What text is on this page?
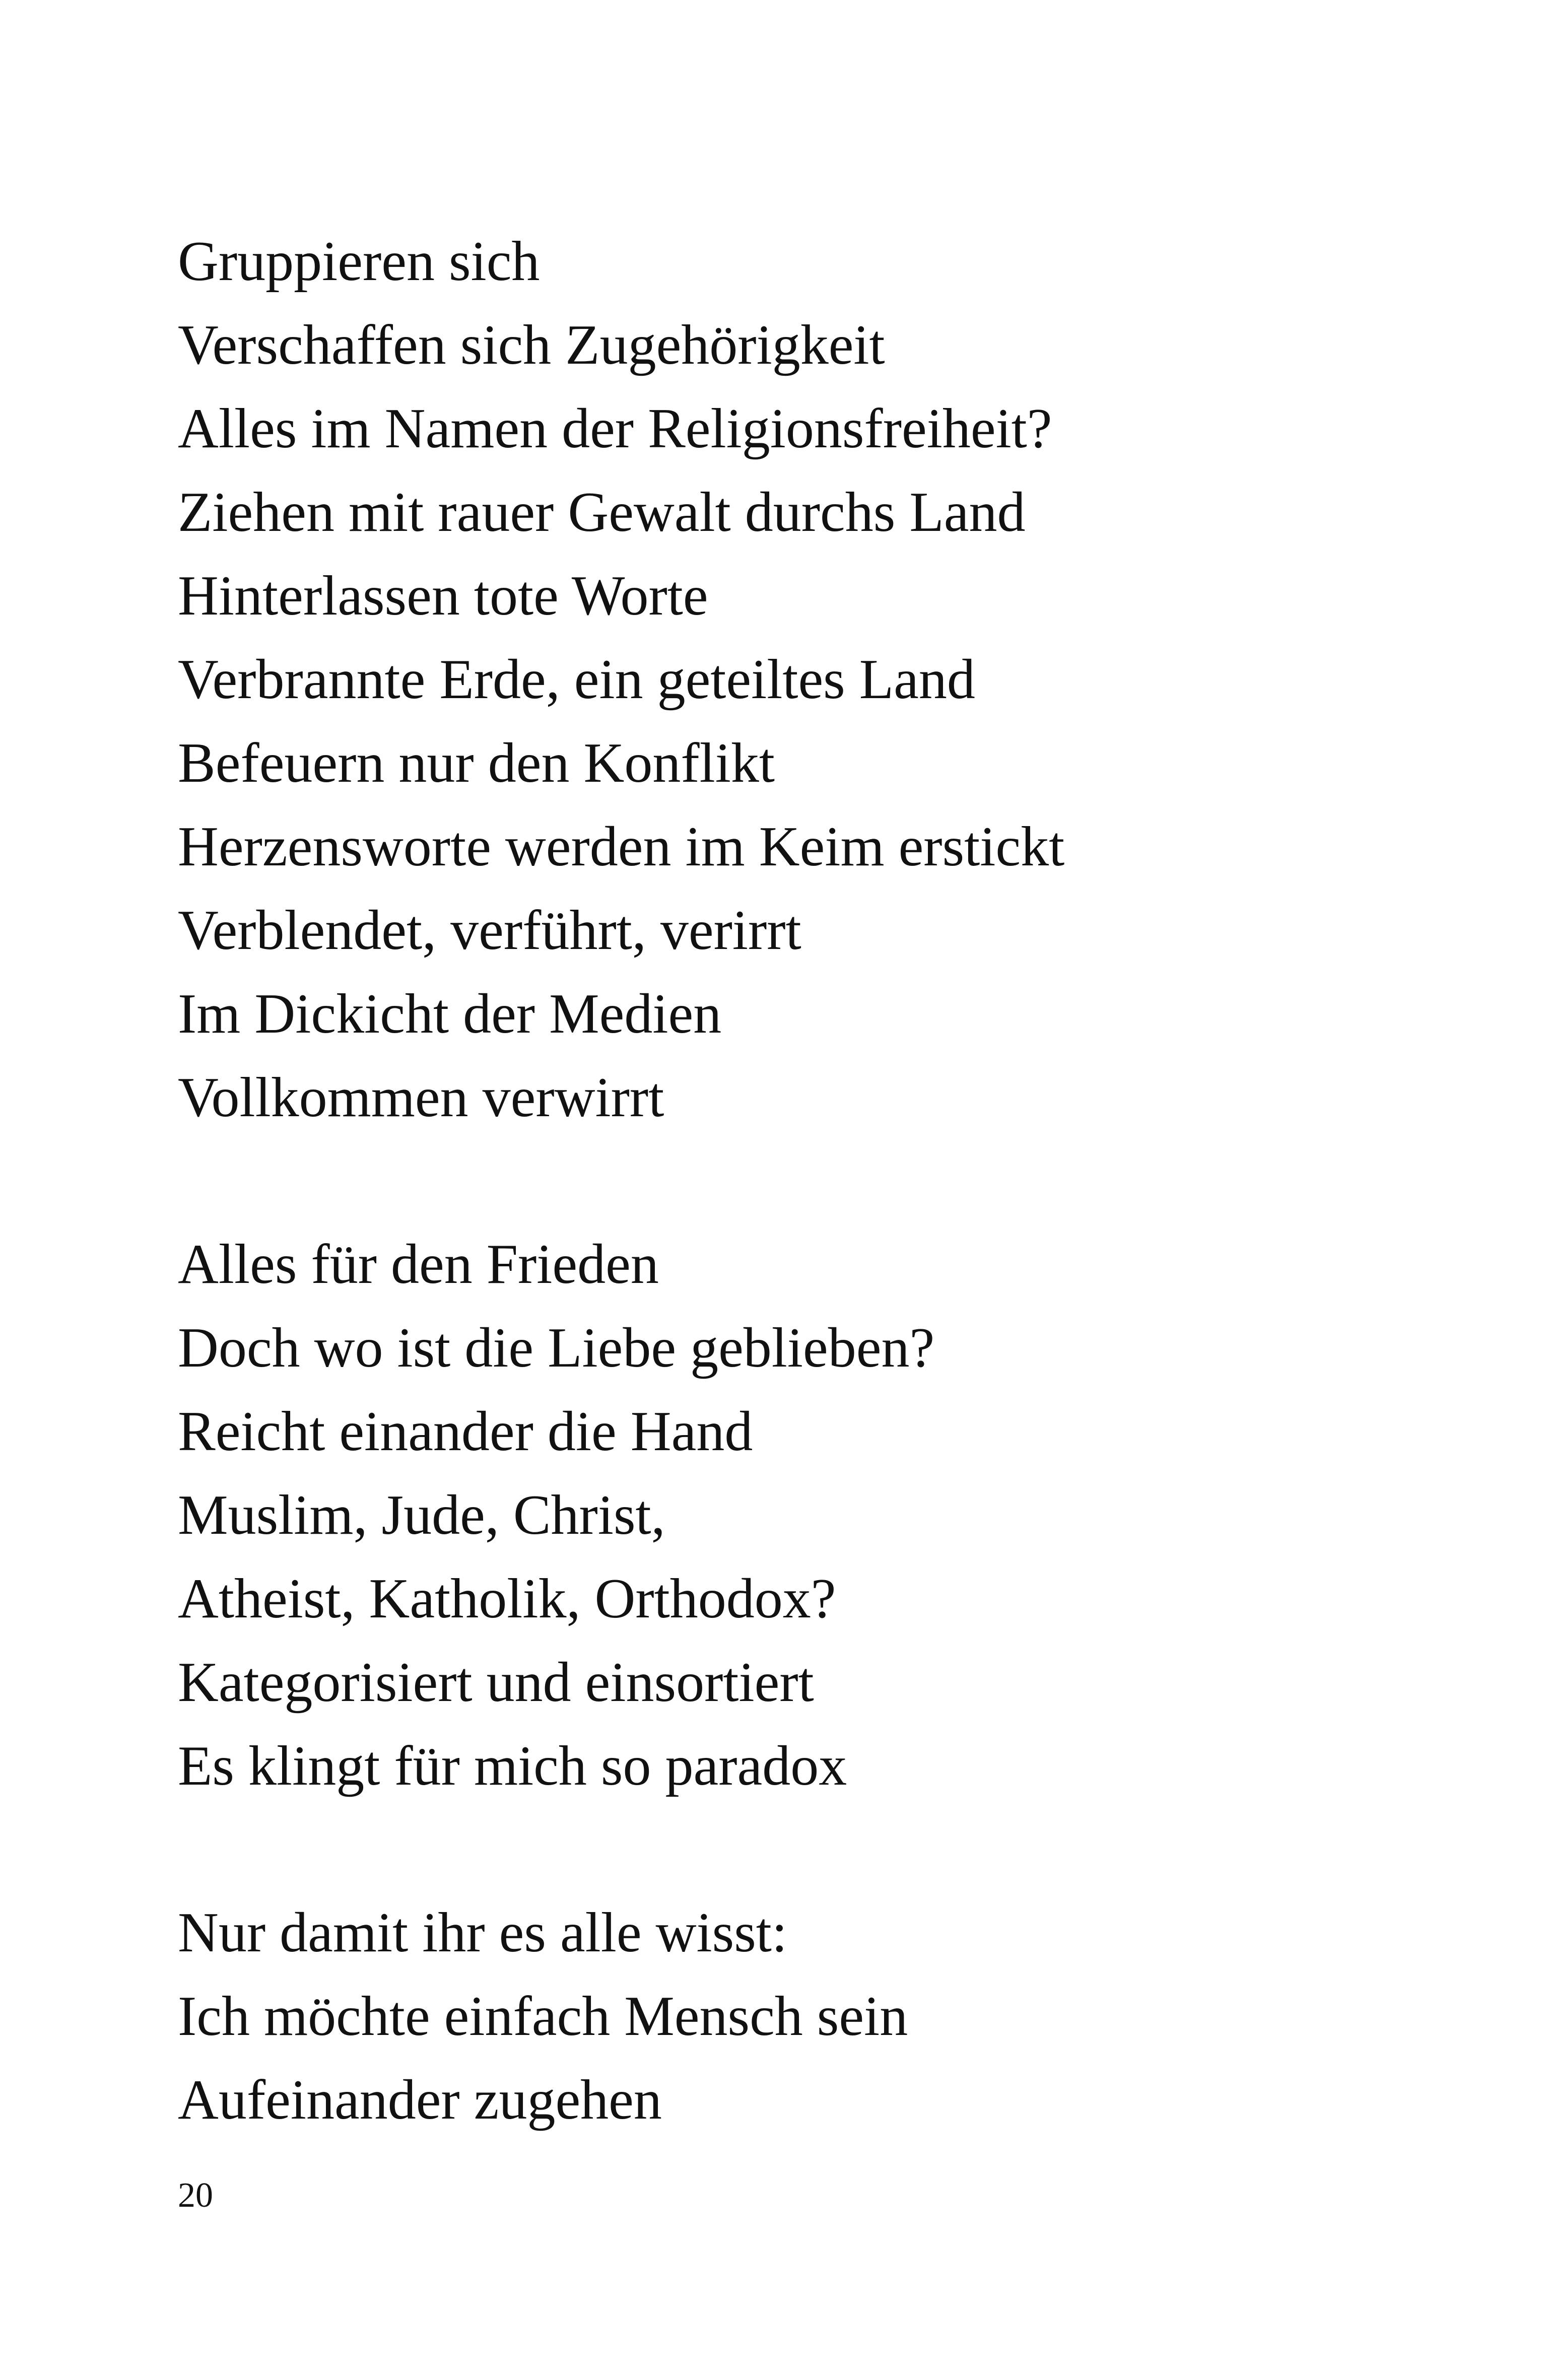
Gruppieren sich
Verschaffen sich Zugehörigkeit
Alles im Namen der Religionsfreiheit?
Ziehen mit rauer Gewalt durchs Land
Hinterlassen tote Worte
Verbrannte Erde, ein geteiltes Land
Befeuern nur den Konflikt
Herzensworte werden im Keim erstickt
Verblendet, verführt, verirrt
Im Dickicht der Medien
Vollkommen verwirrt
Alles für den Frieden
Doch wo ist die Liebe geblieben?
Reicht einander die Hand
Muslim, Jude, Christ,
Atheist, Katholik, Orthodox?
Kategorisiert und einsortiert
Es klingt für mich so paradox
Nur damit ihr es alle wisst:
Ich möchte einfach Mensch sein
Aufeinander zugehen
20
